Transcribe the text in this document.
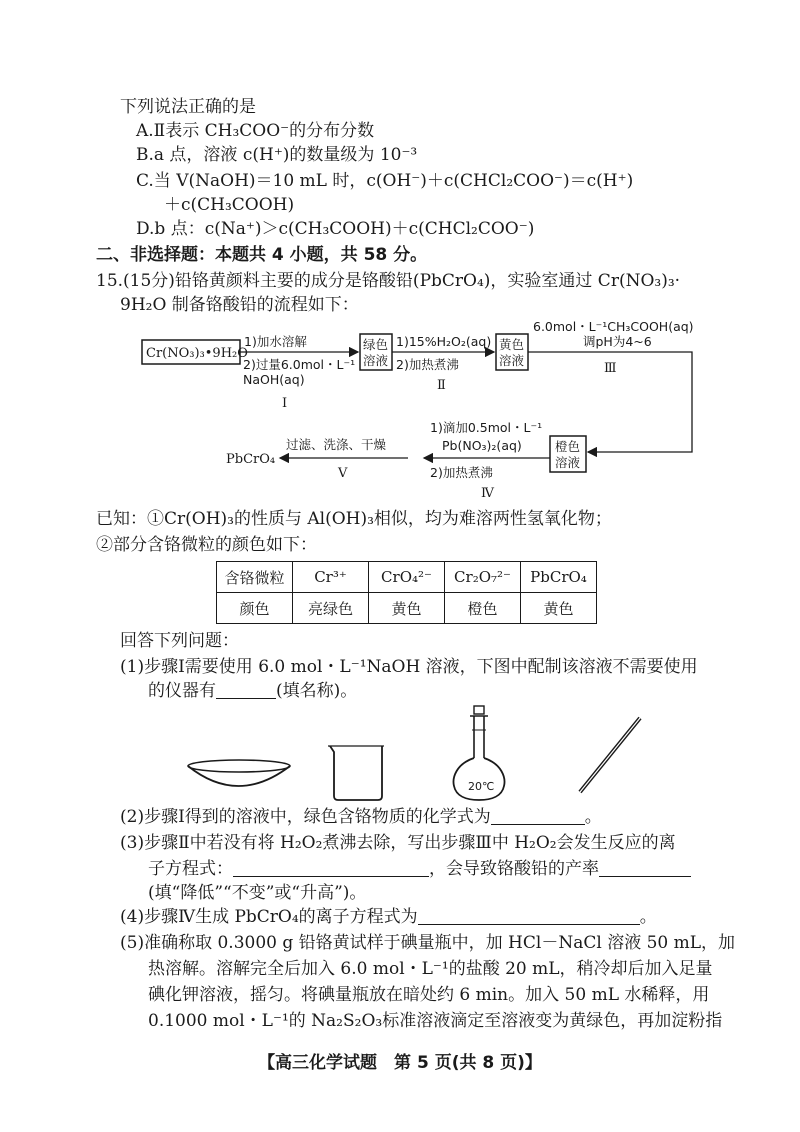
下列说法正确的是
A.Ⅱ表示 CH₃COO⁻的分布分数
B.a 点，溶液 c(H⁺)的数量级为 10⁻³
C.当 V(NaOH)＝10 mL 时，c(OH⁻)＋c(CHCl₂COO⁻)＝c(H⁺)
＋c(CH₃COOH)
D.b 点：c(Na⁺)＞c(CH₃COOH)＋c(CHCl₂COO⁻)
二、非选择题：本题共 4 小题，共 58 分。
15.(15分)铅铬黄颜料主要的成分是铬酸铅(PbCrO₄)，实验室通过 Cr(NO₃)₃·
9H₂O 制备铬酸铅的流程如下：
Cr(NO₃)₃•9H₂O
1)加水溶解
2)过量6.0mol・L⁻¹
NaOH(aq)
Ⅰ
绿色
溶液
1)15%H₂O₂(aq)
2)加热煮沸
Ⅱ
黄色
溶液
6.0mol・L⁻¹CH₃COOH(aq)
调pH为4~6
Ⅲ
橙色
溶液
1)滴加0.5mol・L⁻¹
Pb(NO₃)₂(aq)
2)加热煮沸
Ⅳ
过滤、洗涤、干燥
Ⅴ
PbCrO₄
已知：①Cr(OH)₃的性质与 Al(OH)₃相似，均为难溶两性氢氧化物；
②部分含铬微粒的颜色如下：
含铬微粒	Cr³⁺	CrO₄²⁻	Cr₂O₇²⁻	PbCrO₄
颜色	亮绿色	黄色	橙色	黄色
回答下列问题：
(1)步骤Ⅰ需要使用 6.0 mol・L⁻¹NaOH 溶液，下图中配制该溶液不需要使用
的仪器有	(填名称)。
20℃
(2)步骤Ⅰ得到的溶液中，绿色含铬物质的化学式为	。
(3)步骤Ⅱ中若没有将 H₂O₂煮沸去除，写出步骤Ⅲ中 H₂O₂会发生反应的离
子方程式：	，会导致铬酸铅的产率
(填“降低”“不变”或“升高”)。
(4)步骤Ⅳ生成 PbCrO₄的离子方程式为	。
(5)准确称取 0.3000 g 铅铬黄试样于碘量瓶中，加 HCl－NaCl 溶液 50 mL，加
热溶解。溶解完全后加入 6.0 mol・L⁻¹的盐酸 20 mL，稍冷却后加入足量
碘化钾溶液，摇匀。将碘量瓶放在暗处约 6 min。加入 50 mL 水稀释，用
0.1000 mol・L⁻¹的 Na₂S₂O₃标准溶液滴定至溶液变为黄绿色，再加淀粉指
【高三化学试题　第 5 页(共 8 页)】
